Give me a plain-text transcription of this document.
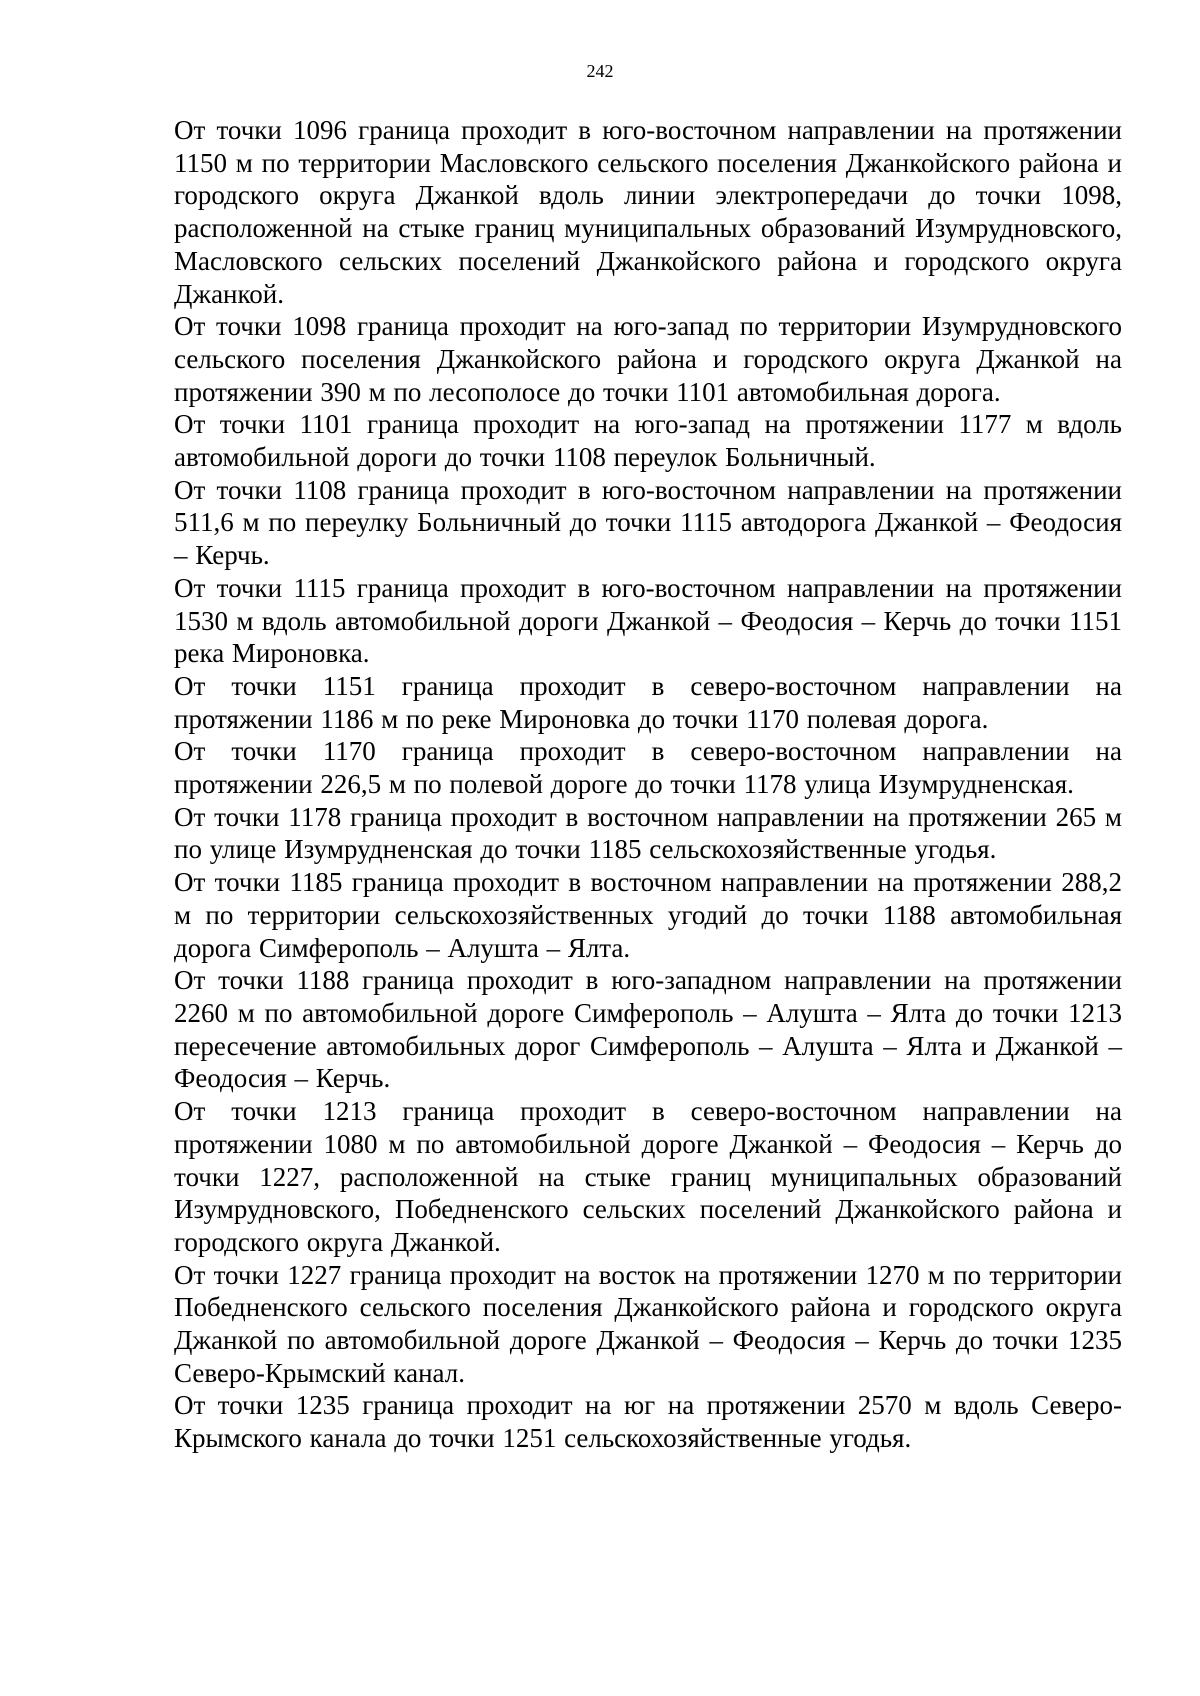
242

От точки 1096 граница проходит в юго-восточном направлении на протяжении 1150 м по территории Масловского сельского поселения Джанкойского района и городского округа Джанкой вдоль линии электропередачи до точки 1098, расположенной на стыке границ муниципальных образований Изумрудновского, Масловского сельских поселений Джанкойского района и городского округа Джанкой.

От точки 1098 граница проходит на юго-запад по территории Изумрудновского сельского поселения Джанкойского района и городского округа Джанкой на протяжении 390 м по лесополосе до точки 1101 автомобильная дорога.

От точки 1101 граница проходит на юго-запад на протяжении 1177 м вдоль автомобильной дороги до точки 1108 переулок Больничный.

От точки 1108 граница проходит в юго-восточном направлении на протяжении 511,6 м по переулку Больничный до точки 1115 автодорога Джанкой – Феодосия – Керчь.

От точки 1115 граница проходит в юго-восточном направлении на протяжении 1530 м вдоль автомобильной дороги Джанкой – Феодосия – Керчь до точки 1151 река Мироновка.

От точки 1151 граница проходит в северо-восточном направлении на протяжении 1186 м по реке Мироновка до точки 1170 полевая дорога.

От точки 1170 граница проходит в северо-восточном направлении на протяжении 226,5 м по полевой дороге до точки 1178 улица Изумрудненская.

От точки 1178 граница проходит в восточном направлении на протяжении 265 м по улице Изумрудненская до точки 1185 сельскохозяйственные угодья.

От точки 1185 граница проходит в восточном направлении на протяжении 288,2 м по территории сельскохозяйственных угодий до точки 1188 автомобильная дорога Симферополь – Алушта – Ялта.

От точки 1188 граница проходит в юго-западном направлении на протяжении 2260 м по автомобильной дороге Симферополь – Алушта – Ялта до точки 1213 пересечение автомобильных дорог Симферополь – Алушта – Ялта и Джанкой – Феодосия – Керчь.

От точки 1213 граница проходит в северо-восточном направлении на протяжении 1080 м по автомобильной дороге Джанкой – Феодосия – Керчь до точки 1227, расположенной на стыке границ муниципальных образований Изумрудновского, Победненского сельских поселений Джанкойского района и городского округа Джанкой.

От точки 1227 граница проходит на восток на протяжении 1270 м по территории Победненского сельского поселения Джанкойского района и городского округа Джанкой по автомобильной дороге Джанкой – Феодосия – Керчь до точки 1235 Северо-Крымский канал.

От точки 1235 граница проходит на юг на протяжении 2570 м вдоль Северо-Крымского канала до точки 1251 сельскохозяйственные угодья.
